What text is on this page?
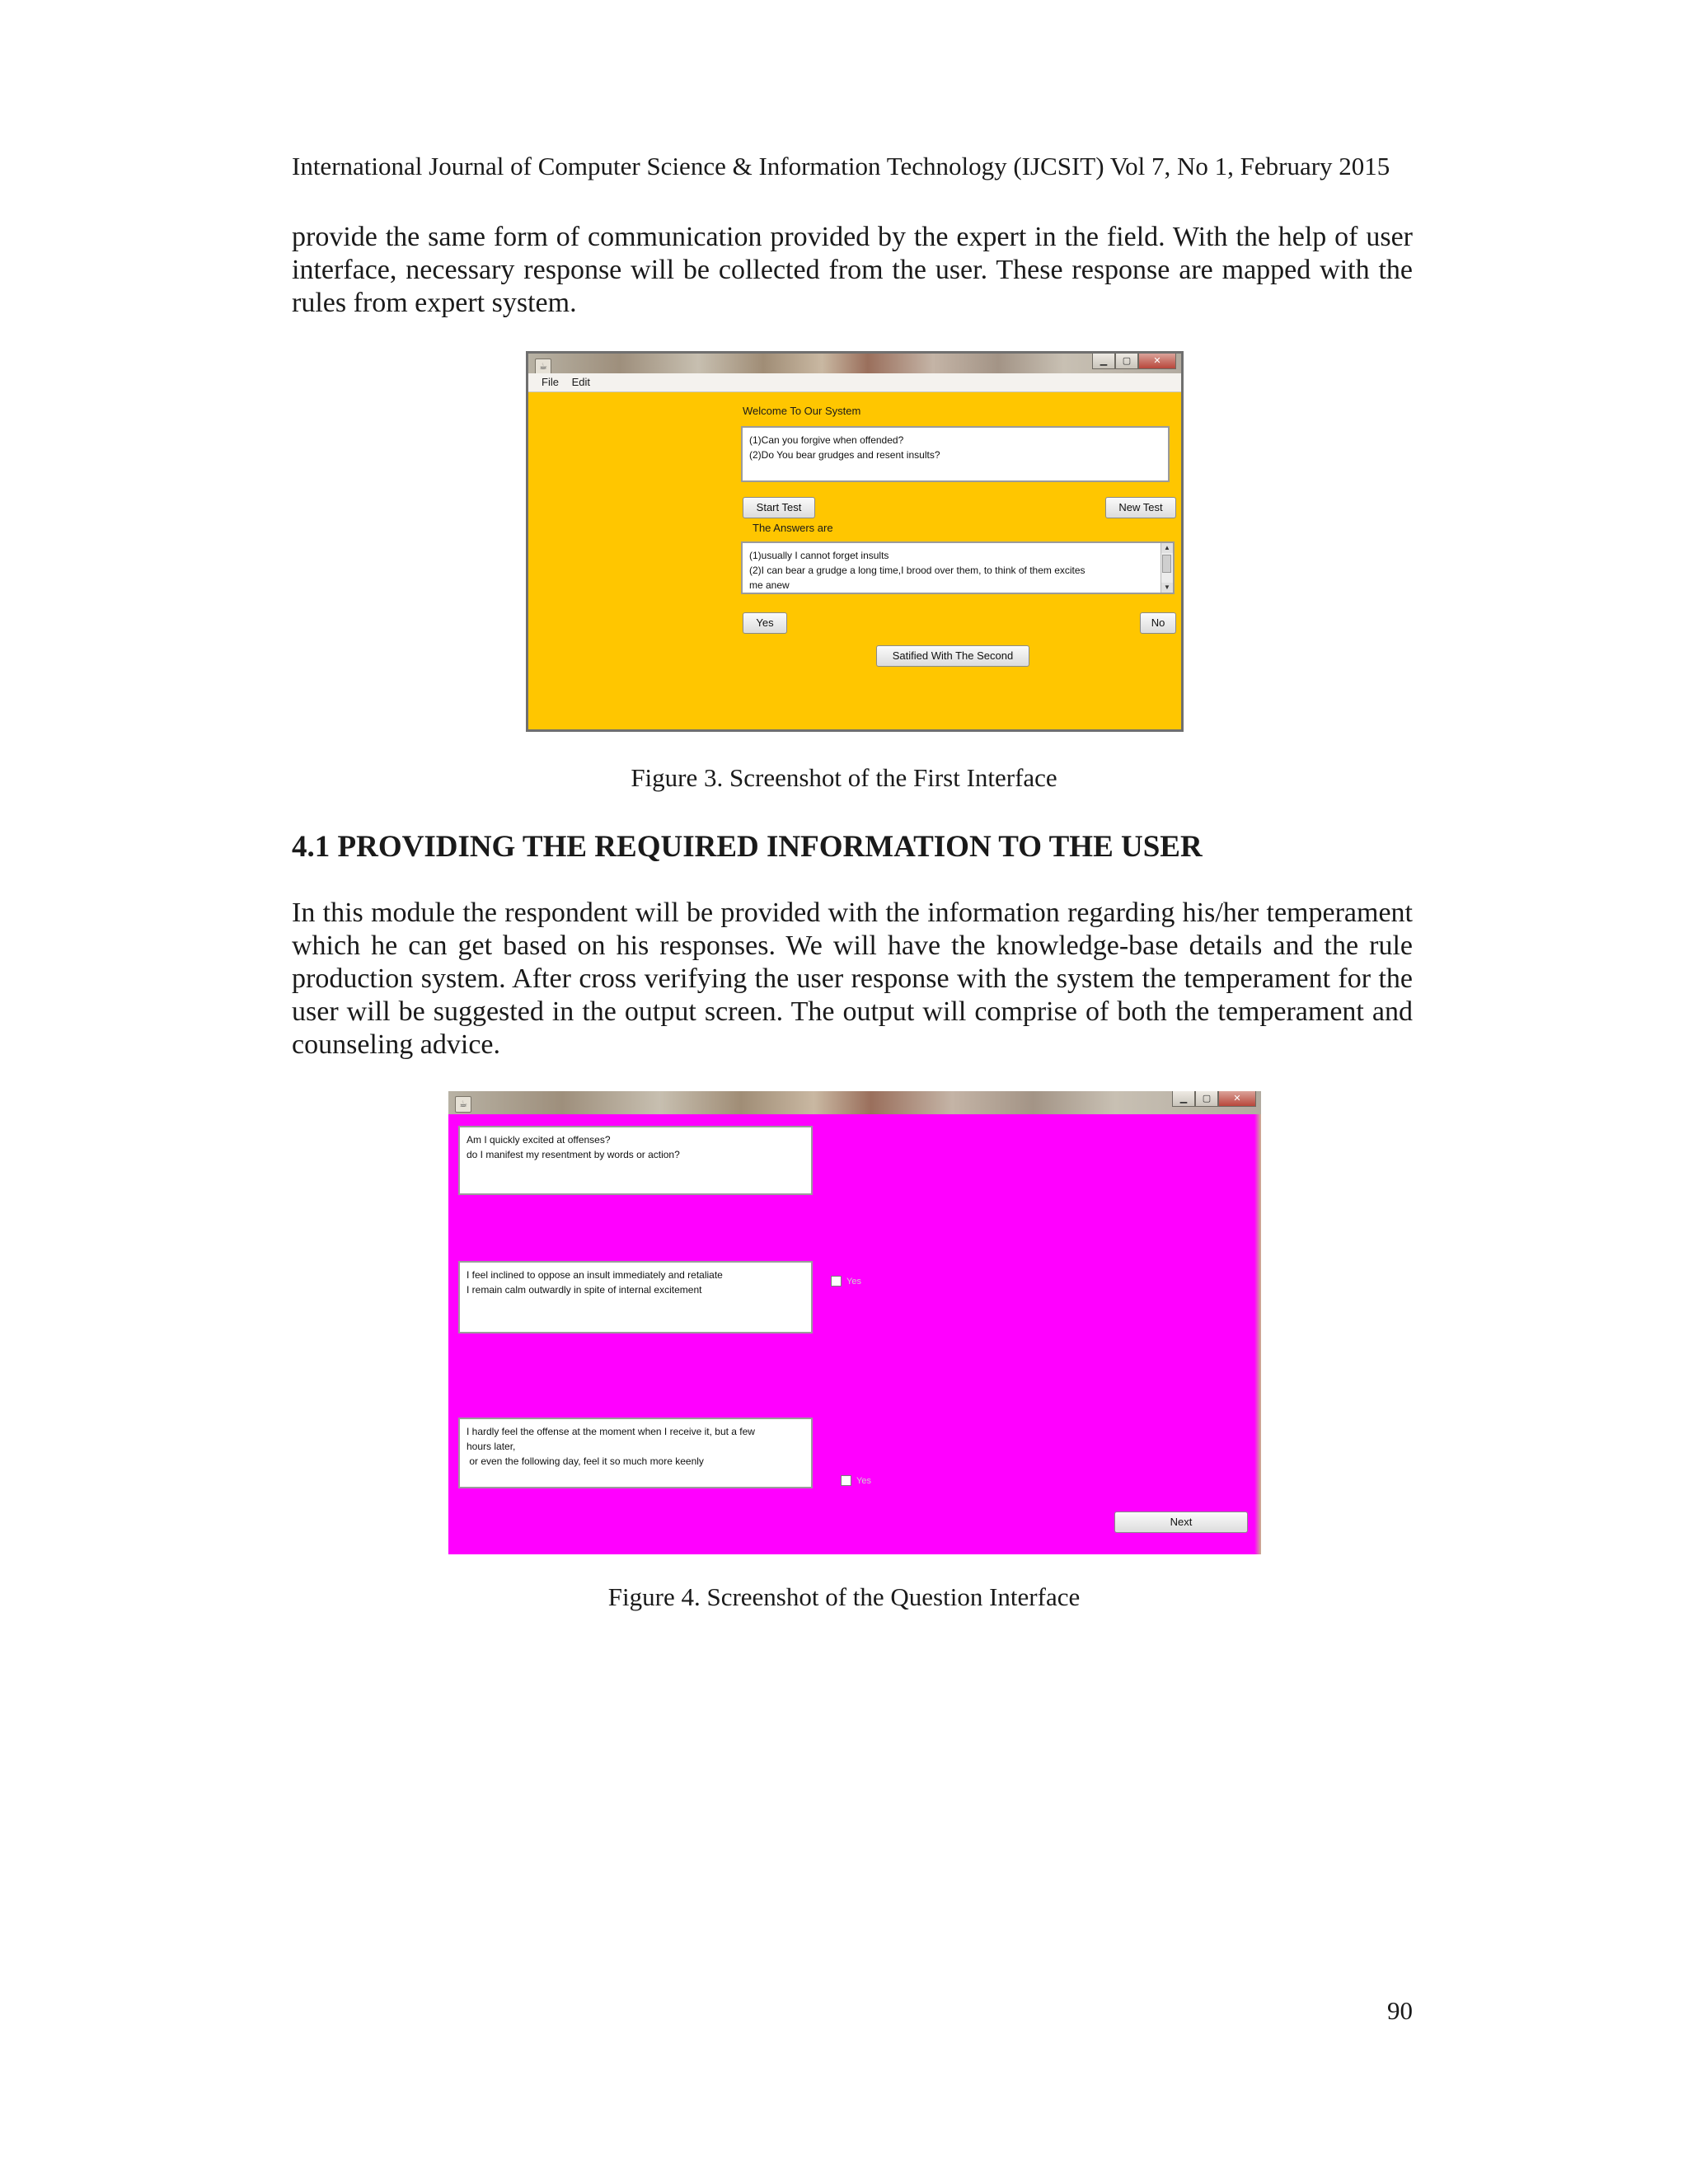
International Journal of Computer Science & Information Technology (IJCSIT) Vol 7, No 1, February 2015
provide the same form of communication provided by the expert in the field. With the help of user interface, necessary response will be collected from the user. These response are mapped with the rules from expert system.
☕
▁	▢	✕
File Edit
Welcome To Our System
(1)Can you forgive when offended?
(2)Do You bear grudges and resent insults?
Start Test	New Test
The Answers are
(1)usually I cannot forget insults
(2)I can bear a grudge a long time,I brood over them, to think of them excites
me anew
▲
▼
Yes	No
Satified With The Second
Figure 3. Screenshot of the First Interface
4.1 PROVIDING THE REQUIRED INFORMATION TO THE USER
In this module the respondent will be provided with the information regarding his/her temperament which he can get based on his responses. We will have the knowledge-base details and the rule production system. After cross verifying the user response with the system the temperament for the user will be suggested in the output screen. The output will comprise of both the temperament and counseling advice.
☕
▁	▢	✕
Am I quickly excited at offenses?
do I manifest my resentment by words or action?
I feel inclined to oppose an insult immediately and retaliate
I remain calm outwardly in spite of internal excitement
Yes
I hardly feel the offense at the moment when I receive it, but a few
hours later,
or even the following day, feel it so much more keenly
Yes
Next
Figure 4. Screenshot of the Question Interface
90
